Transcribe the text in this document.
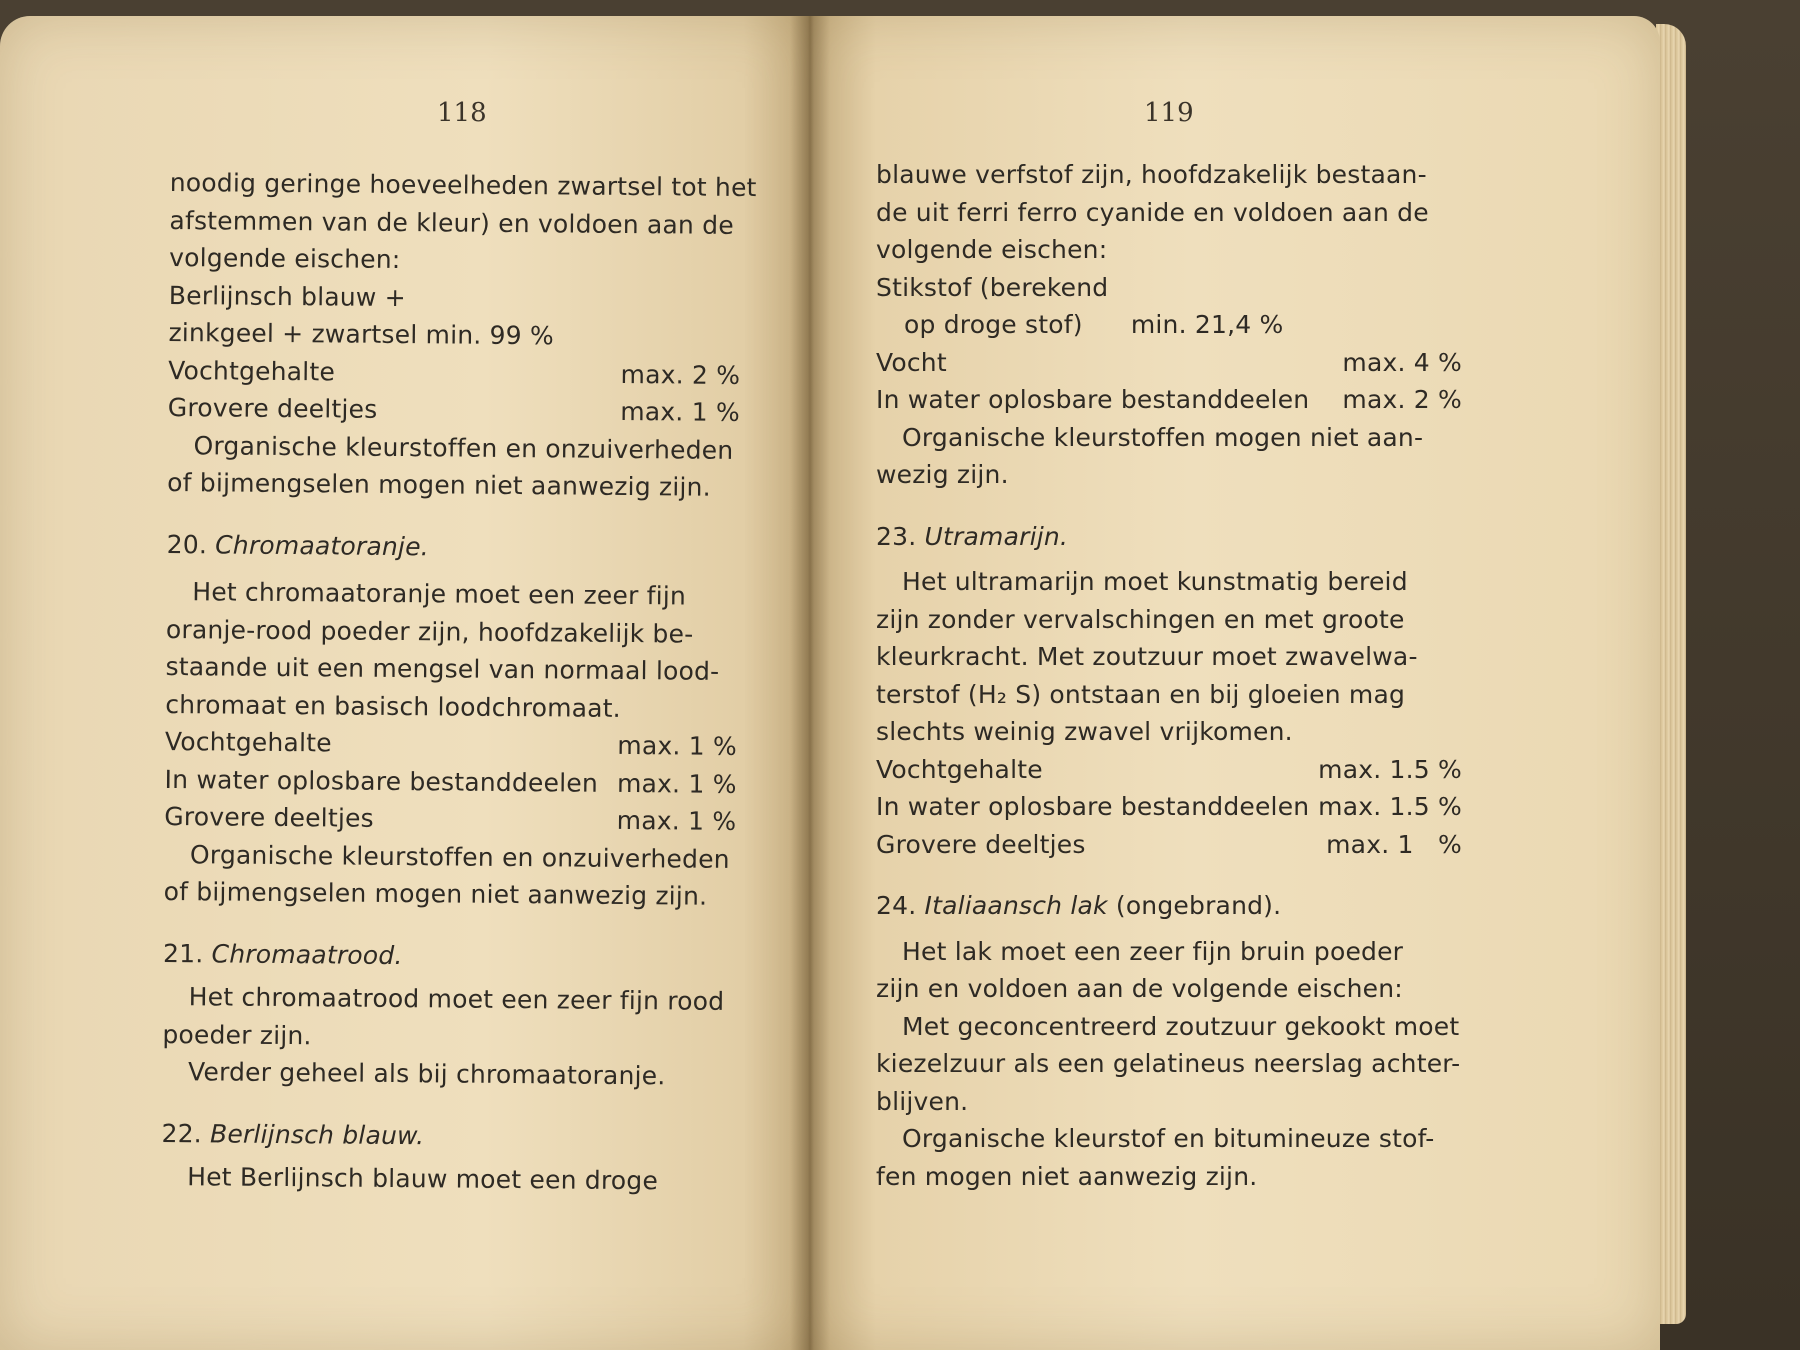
118
noodig geringe hoeveelheden zwartsel tot het
afstemmen van de kleur) en voldoen aan de
volgende eischen:
Berlijnsch blauw +
zinkgeel + zwartsel min. 99 %
Vochtgehalte	max. 2 %
Grovere deeltjes	max. 1 %
Organische kleurstoffen en onzuiverheden
of bijmengselen mogen niet aanwezig zijn.
20. Chromaatoranje.
Het chromaatoranje moet een zeer fijn
oranje-rood poeder zijn, hoofdzakelijk be-
staande uit een mengsel van normaal lood-
chromaat en basisch loodchromaat.
Vochtgehalte	max. 1 %
In water oplosbare bestanddeelen max. 1 %
Grovere deeltjes	max. 1 %
Organische kleurstoffen en onzuiverheden
of bijmengselen mogen niet aanwezig zijn.
21. Chromaatrood.
Het chromaatrood moet een zeer fijn rood
poeder zijn.
Verder geheel als bij chromaatoranje.
22. Berlijnsch blauw.
Het Berlijnsch blauw moet een droge
119
blauwe verfstof zijn, hoofdzakelijk bestaan-
de uit ferri ferro cyanide en voldoen aan de
volgende eischen:
Stikstof (berekend
op droge stof) min. 21,4 %
Vocht	max. 4 %
In water oplosbare bestanddeelen max. 2 %
Organische kleurstoffen mogen niet aan-
wezig zijn.
23. Utramarijn.
Het ultramarijn moet kunstmatig bereid
zijn zonder vervalschingen en met groote
kleurkracht. Met zoutzuur moet zwavelwa-
terstof (H₂ S) ontstaan en bij gloeien mag
slechts weinig zwavel vrijkomen.
Vochtgehalte	max. 1.5 %
In water oplosbare bestanddeelen max. 1.5 %
Grovere deeltjes	max. 1   %
24. Italiaansch lak (ongebrand).
Het lak moet een zeer fijn bruin poeder
zijn en voldoen aan de volgende eischen:
Met geconcentreerd zoutzuur gekookt moet
kiezelzuur als een gelatineus neerslag achter-
blijven.
Organische kleurstof en bitumineuze stof-
fen mogen niet aanwezig zijn.
